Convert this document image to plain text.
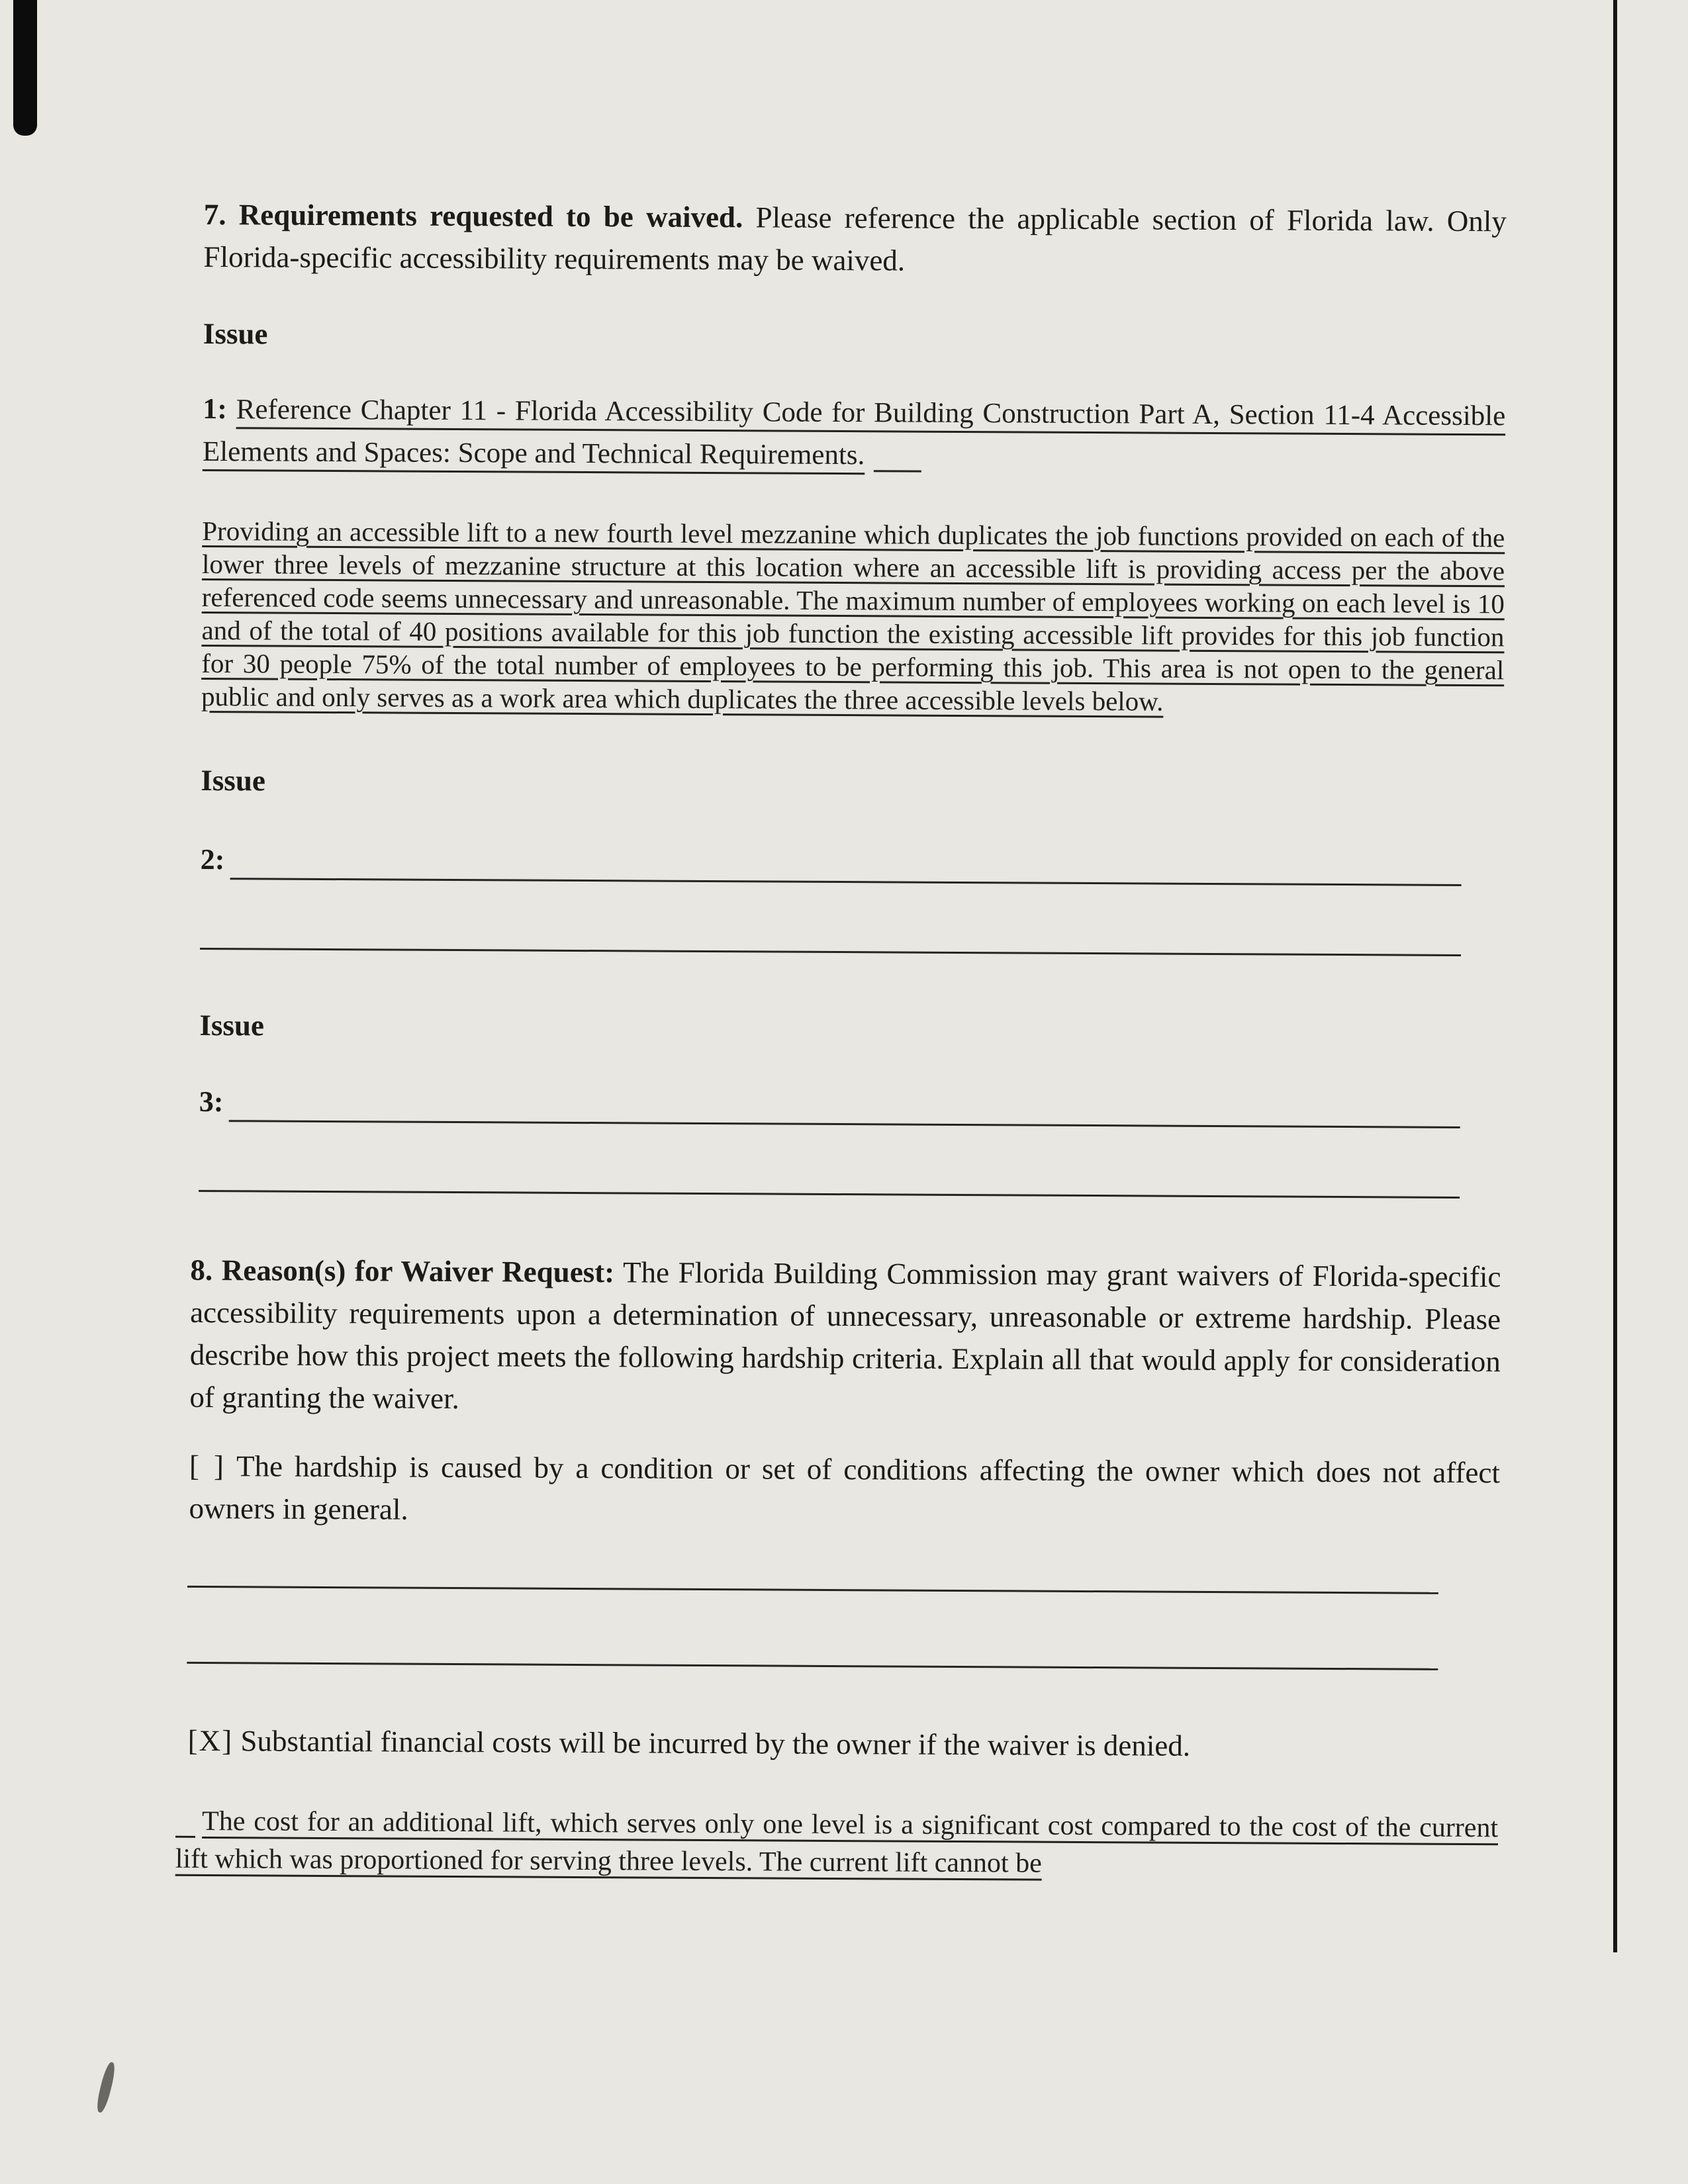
7. Requirements requested to be waived. Please reference the applicable section of Florida law. Only Florida-specific accessibility requirements may be waived.

Issue

1: Reference Chapter 11 - Florida Accessibility Code for Building Construction Part A, Section 11-4 Accessible Elements and Spaces: Scope and Technical Requirements.

Providing an accessible lift to a new fourth level mezzanine which duplicates the job functions provided on each of the lower three levels of mezzanine structure at this location where an accessible lift is providing access per the above referenced code seems unnecessary and unreasonable. The maximum number of employees working on each level is 10 and of the total of 40 positions available for this job function the existing accessible lift provides for this job function for 30 people 75% of the total number of employees to be performing this job. This area is not open to the general public and only serves as a work area which duplicates the three accessible levels below.

Issue

2:

Issue

3:

8. Reason(s) for Waiver Request: The Florida Building Commission may grant waivers of Florida-specific accessibility requirements upon a determination of unnecessary, unreasonable or extreme hardship. Please describe how this project meets the following hardship criteria. Explain all that would apply for consideration of granting the waiver.

[ ] The hardship is caused by a condition or set of conditions affecting the owner which does not affect owners in general.

[X] Substantial financial costs will be incurred by the owner if the waiver is denied.

The cost for an additional lift, which serves only one level is a significant cost compared to the cost of the current lift which was proportioned for serving three levels. The current lift cannot be
